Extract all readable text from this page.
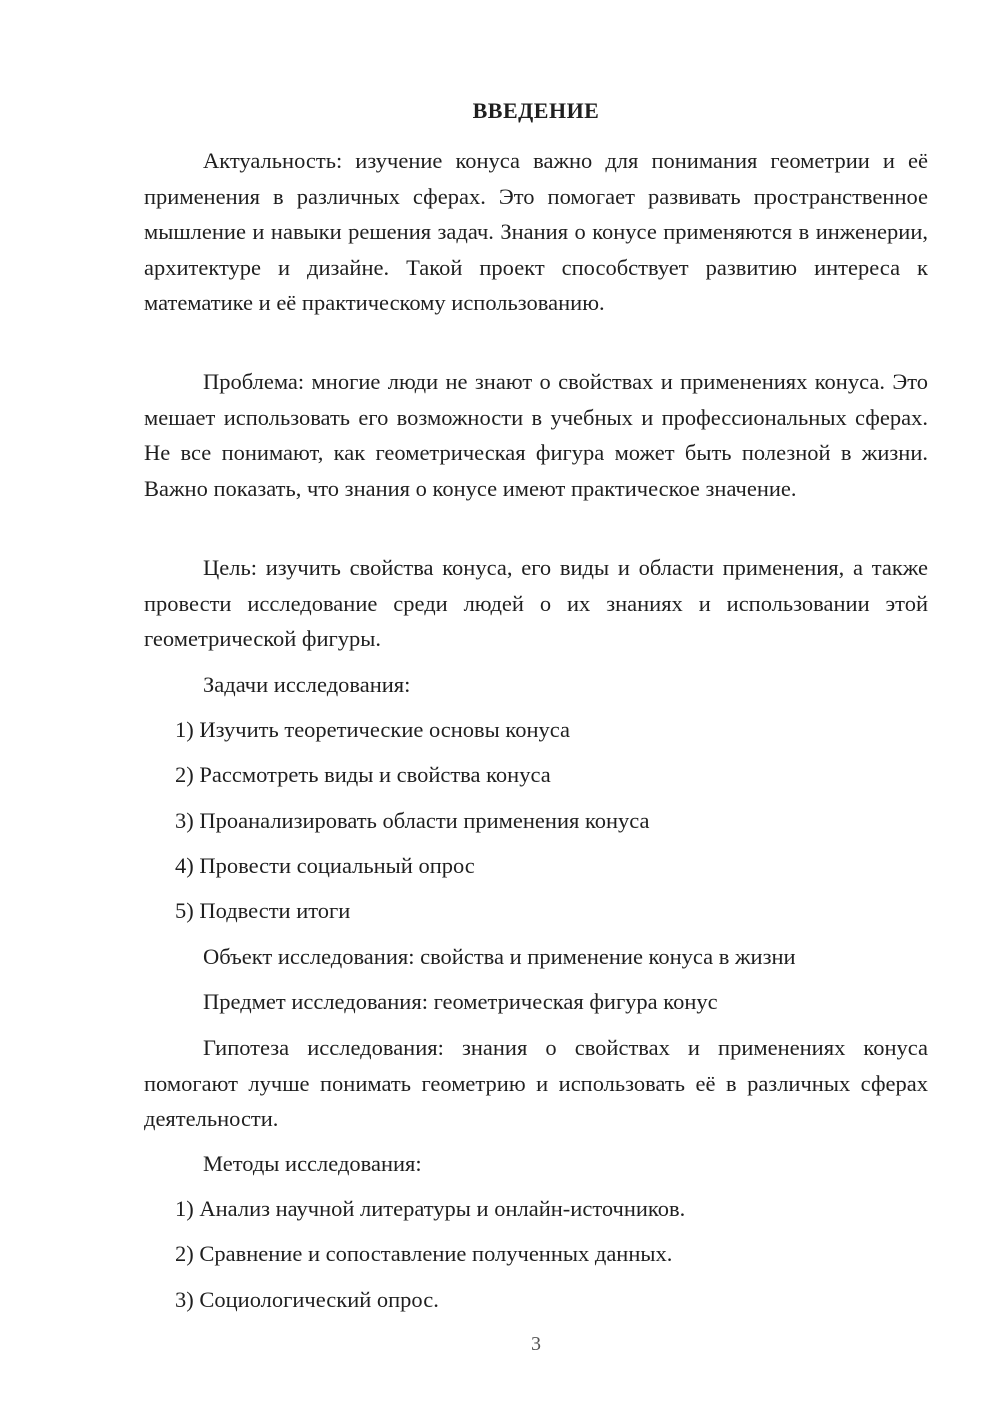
ВВЕДЕНИЕ
Актуальность: изучение конуса важно для понимания геометрии и её применения в различных сферах. Это помогает развивать пространственное мышление и навыки решения задач. Знания о конусе применяются в инженерии, архитектуре и дизайне. Такой проект способствует развитию интереса к математике и её практическому использованию.
Проблема: многие люди не знают о свойствах и применениях конуса. Это мешает использовать его возможности в учебных и профессиональных сферах. Не все понимают, как геометрическая фигура может быть полезной в жизни. Важно показать, что знания о конусе имеют практическое значение.
Цель: изучить свойства конуса, его виды и области применения, а также провести исследование среди людей о их знаниях и использовании этой геометрической фигуры.
Задачи исследования:
1) Изучить теоретические основы конуса
2) Рассмотреть виды и свойства конуса
3) Проанализировать области применения конуса
4) Провести социальный опрос
5) Подвести итоги
Объект исследования: свойства и применение конуса в жизни
Предмет исследования: геометрическая фигура конус
Гипотеза исследования: знания о свойствах и применениях конуса помогают лучше понимать геометрию и использовать её в различных сферах деятельности.
Методы исследования:
1) Анализ научной литературы и онлайн-источников.
2) Сравнение и сопоставление полученных данных.
3) Социологический опрос.
3
